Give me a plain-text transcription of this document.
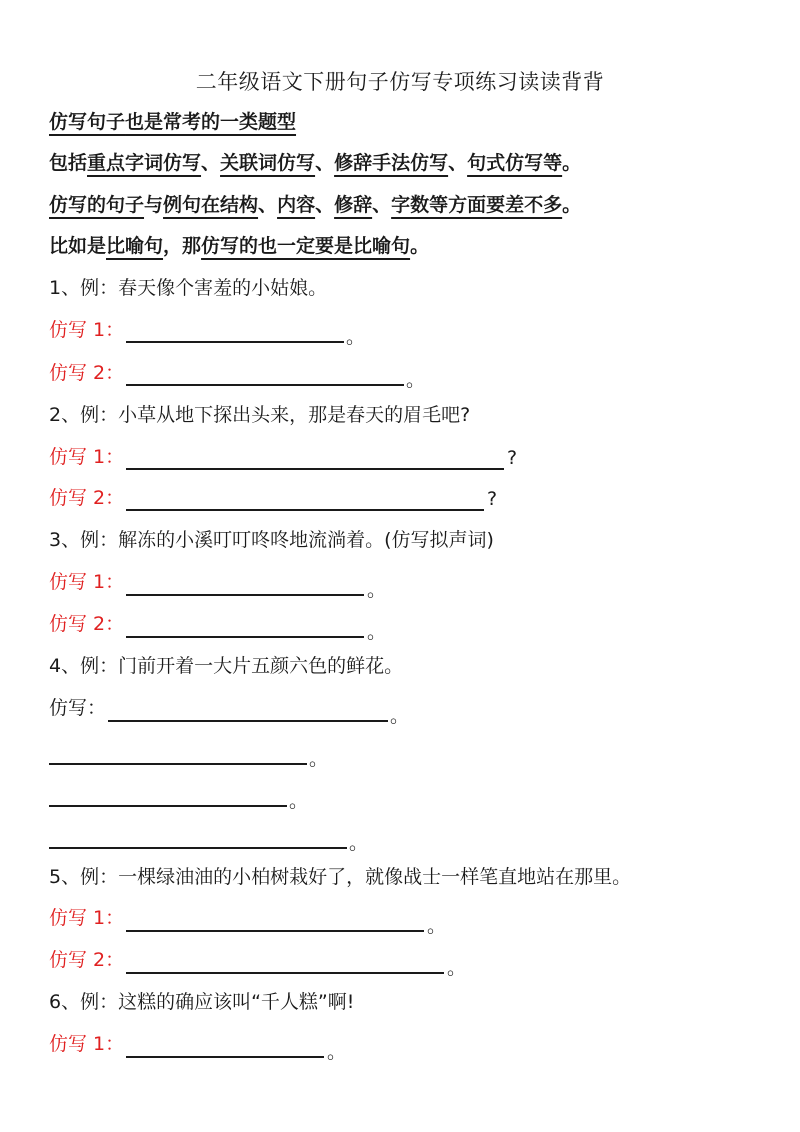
二年级语文下册句子仿写专项练习读读背背
仿写句子也是常考的一类题型
包括重点字词仿写、关联词仿写、修辞手法仿写、句式仿写等。
仿写的句子与例句在结构、内容、修辞、字数等方面要差不多。
比如是比喻句，那仿写的也一定要是比喻句。
1、例：春天像个害羞的小姑娘。
仿写 1：	。
仿写 2：	。
2、例：小草从地下探出头来，那是春天的眉毛吧?
仿写 1：	?
仿写 2：	?
3、例：解冻的小溪叮叮咚咚地流淌着。(仿写拟声词)
仿写 1：	。
仿写 2：	。
4、例：门前开着一大片五颜六色的鲜花。
仿写：	。
。
。
。
5、例：一棵绿油油的小柏树栽好了，就像战士一样笔直地站在那里。
仿写 1：	。
仿写 2：	。
6、例：这糕的确应该叫“千人糕”啊!
仿写 1：	。
